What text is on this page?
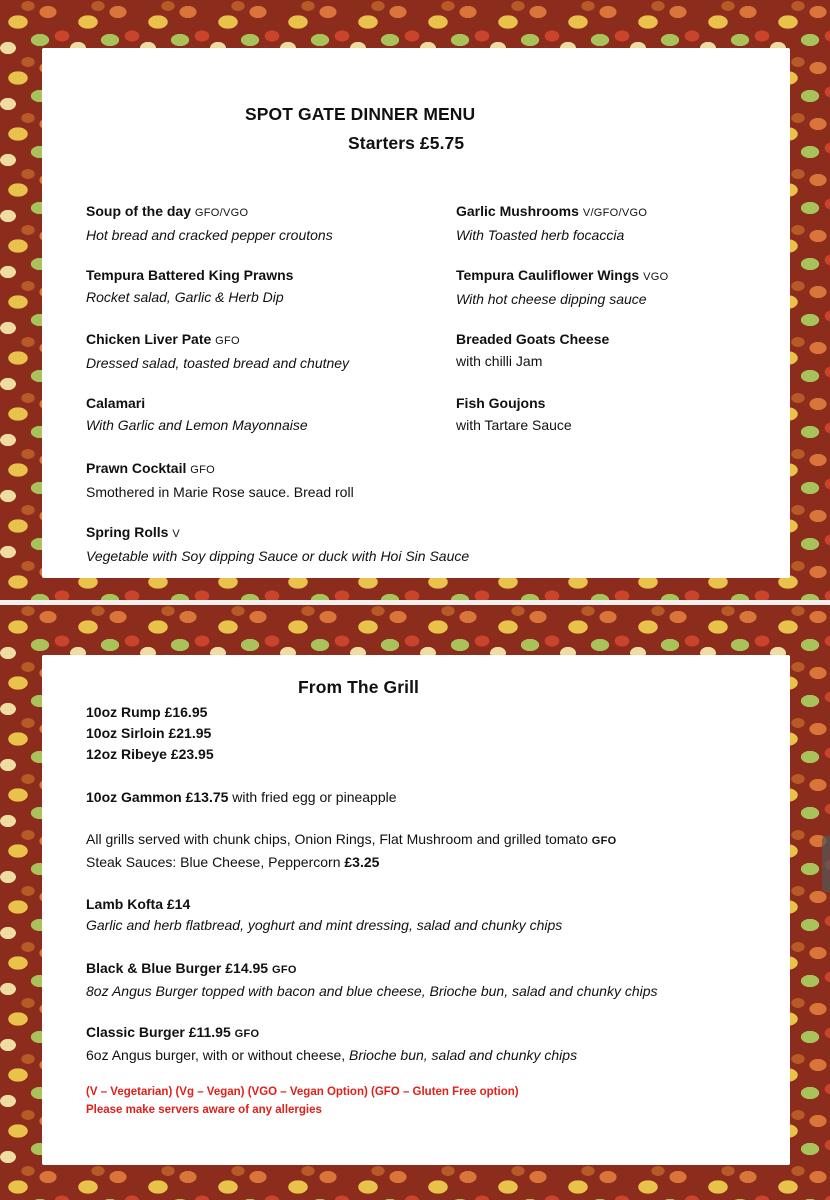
SPOT GATE DINNER MENU
Starters £5.75
Soup of the day GFO/VGO
Hot bread and cracked pepper croutons
Tempura Battered King Prawns
Rocket salad, Garlic & Herb Dip
Chicken Liver Pate GFO
Dressed salad, toasted bread and chutney
Calamari
With Garlic and Lemon Mayonnaise
Prawn Cocktail GFO
Smothered in Marie Rose sauce. Bread roll
Spring Rolls V
Vegetable with Soy dipping Sauce or duck with Hoi Sin Sauce
Garlic Mushrooms V/GFO/VGO
With Toasted herb focaccia
Tempura Cauliflower Wings VGO
With hot cheese dipping sauce
Breaded Goats Cheese
with chilli Jam
Fish Goujons
with Tartare Sauce
From The Grill
10oz Rump £16.95
10oz Sirloin £21.95
12oz Ribeye £23.95
10oz Gammon £13.75 with fried egg or pineapple
All grills served with chunk chips, Onion Rings, Flat Mushroom and grilled tomato GFO
Steak Sauces: Blue Cheese, Peppercorn £3.25
Lamb Kofta £14
Garlic and herb flatbread, yoghurt and mint dressing, salad and chunky chips
Black & Blue Burger £14.95 GFO
8oz Angus Burger topped with bacon and blue cheese, Brioche bun, salad and chunky chips
Classic Burger £11.95 GFO
6oz Angus burger, with or without cheese, Brioche bun, salad and chunky chips
(V – Vegetarian) (Vg – Vegan) (VGO – Vegan Option) (GFO – Gluten Free option)
Please make servers aware of any allergies
